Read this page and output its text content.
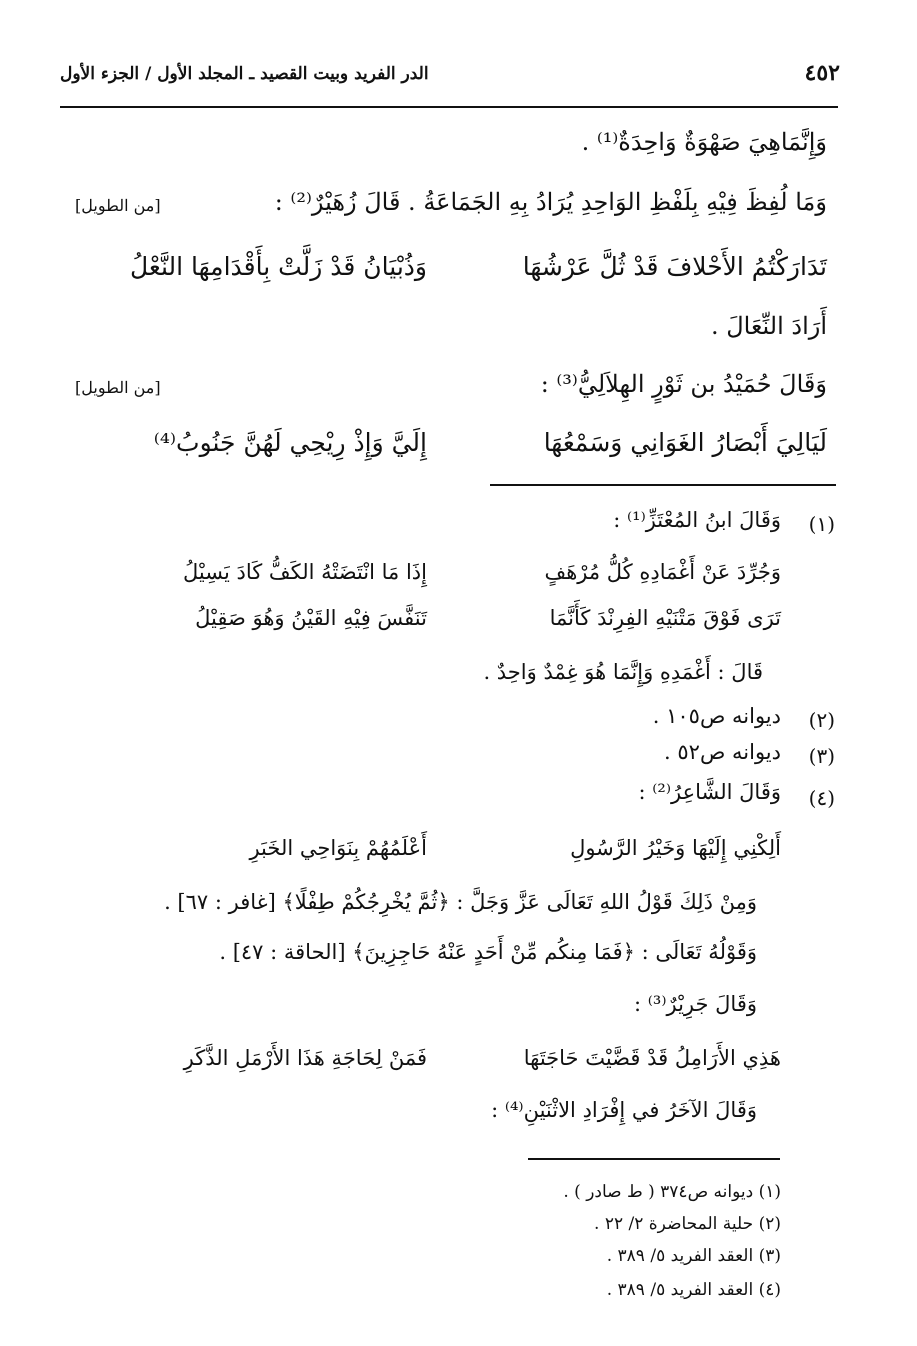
٤٥٢
الدر الفريد وبيت القصيد ـ المجلد الأول / الجزء الأول
وَإِنَّمَاهِيَ صَهْوَةٌ وَاحِدَةٌ⁽¹⁾ .
وَمَا لُفِظَ فِيْهِ بِلَفْظِ الوَاحِدِ يُرَادُ بِهِ الجَمَاعَةُ . قَالَ زُهَيْرٌ⁽²⁾ :
[من الطويل]
تَدَارَكْتُمُ الأَحْلافَ قَدْ ثُلَّ عَرْشُهَا
وَذُبْيَانُ قَدْ زَلَّتْ بِأَقْدَامِهَا النَّعْلُ
أَرَادَ النِّعَالَ .
وَقَالَ حُمَيْدُ بن ثَوْرٍ الهِلاَلِيُّ⁽³⁾ :
[من الطويل]
لَيَالِيَ أَبْصَارُ الغَوَانِي وَسَمْعُهَا
إِلَيَّ وَإِذْ رِيْحِي لَهُنَّ جَنُوبُ⁽⁴⁾
(١)
وَقَالَ ابنُ المُعْتَزِّ⁽¹⁾ :
وَجُرِّدَ عَنْ أَغْمَادِهِ كُلُّ مُرْهَفٍ
إِذَا مَا انْتَضَتْهُ الكَفُّ كَادَ يَسِيْلُ
تَرَى فَوْقَ مَتْنَيْهِ الفِرِنْدَ كَأَنَّمَا
تَنَفَّسَ فِيْهِ القَيْنُ وَهُوَ صَقِيْلُ
قَالَ : أَغْمَدِهِ وَإِنَّمَا هُوَ غِمْدٌ وَاحِدٌ .
(٢)
ديوانه ص١٠٥ .
(٣)
ديوانه ص٥٢ .
(٤)
وَقَالَ الشَّاعِرُ⁽²⁾ :
أَلِكْنِي إِلَيْهَا وَخَيْرُ الرَّسُولِ
أَعْلَمُهُمْ بِنَوَاحِي الخَبَرِ
وَمِنْ ذَلِكَ قَوْلُ اللهِ تَعَالَى عَزَّ وَجَلَّ : ﴿ثُمَّ يُخْرِجُكُمْ طِفْلًا﴾ [غافر : ٦٧] .
وَقَوْلُهُ تَعَالَى : ﴿فَمَا مِنكُم مِّنْ أَحَدٍ عَنْهُ حَاجِزِينَ﴾ [الحاقة : ٤٧] .
وَقَالَ جَرِيْرٌ⁽³⁾ :
هَذِي الأَرَامِلُ قَدْ قَضَّيْتَ حَاجَتَهَا
فَمَنْ لِحَاجَةِ هَذَا الأَرْمَلِ الذَّكَرِ
وَقَالَ الآخَرُ في إِفْرَادِ الاثْنَيْنِ⁽⁴⁾ :
(١) ديوانه ص٣٧٤ ( ط صادر ) .
(٢) حلية المحاضرة ٢/ ٢٢ .
(٣) العقد الفريد ٥/ ٣٨٩ .
(٤) العقد الفريد ٥/ ٣٨٩ .
